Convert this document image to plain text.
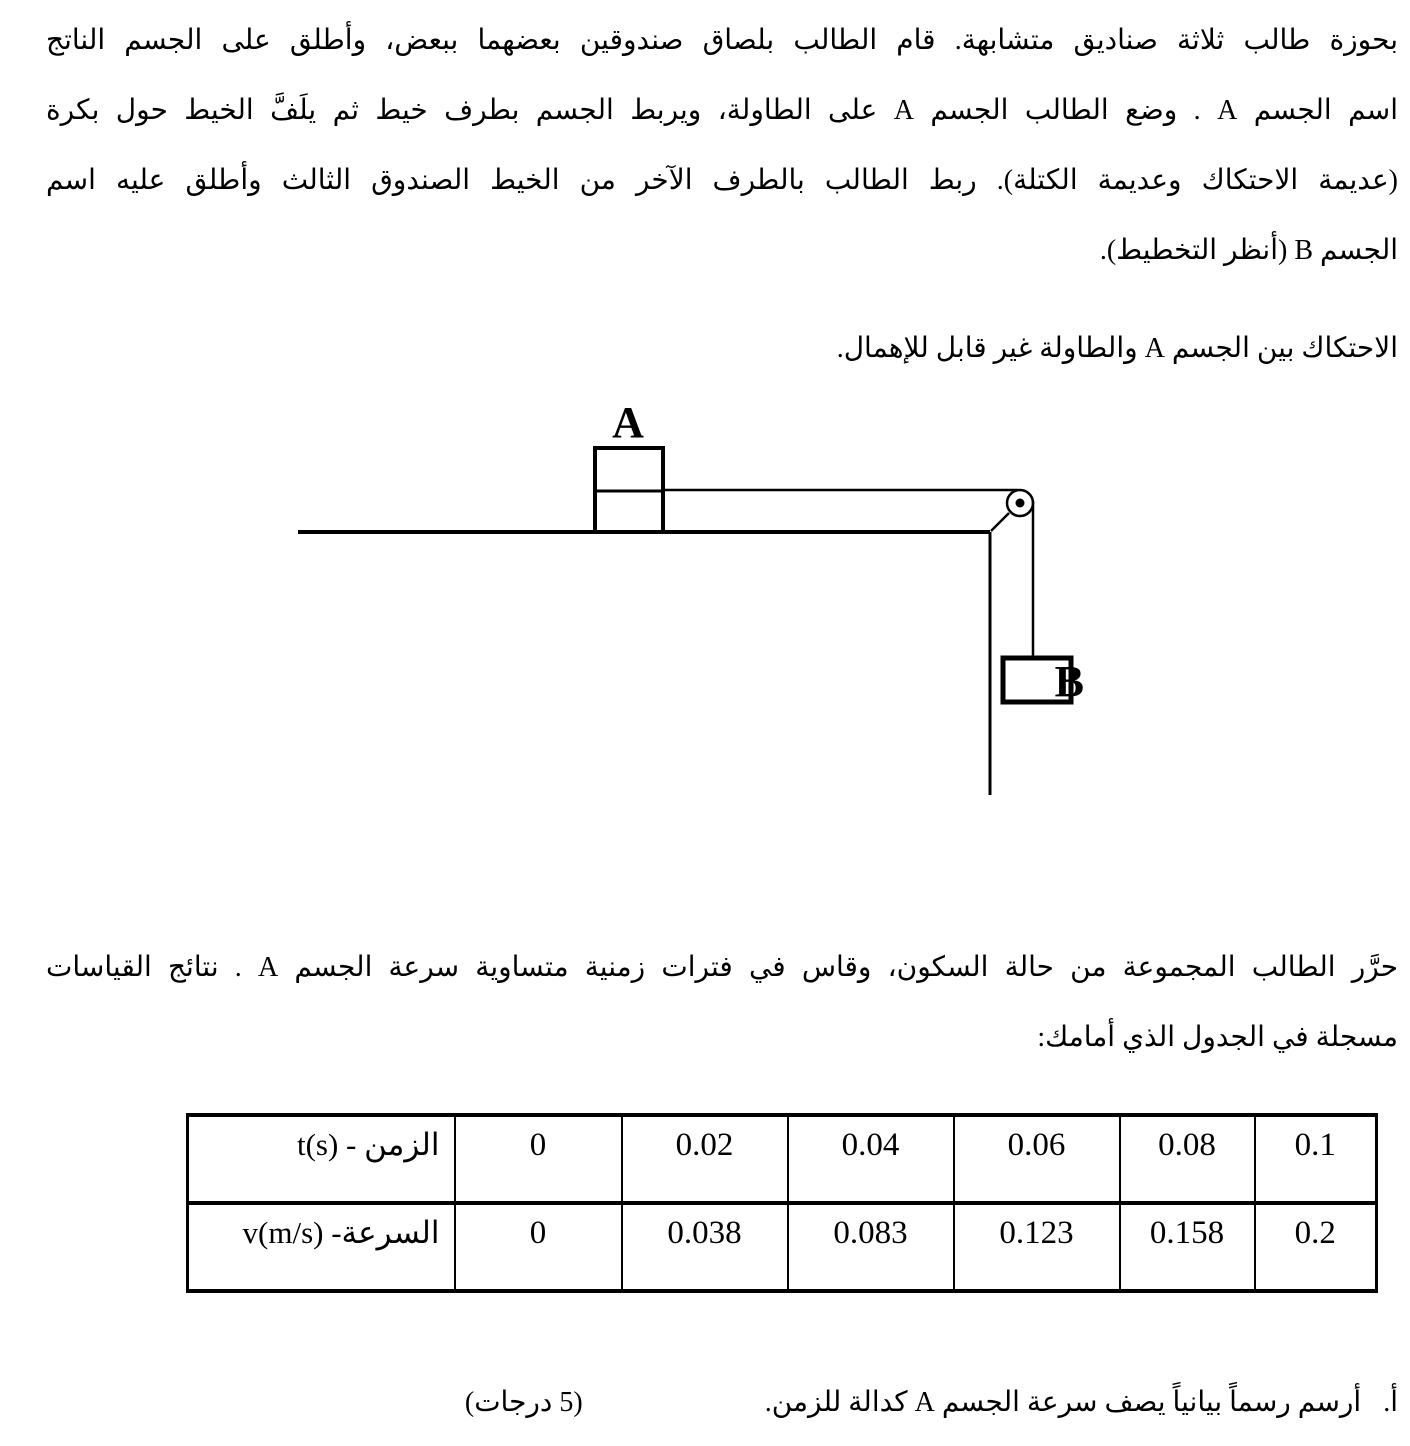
بحوزة طالب ثلاثة صناديق متشابهة. قام الطالب بلصاق صندوقين بعضهما ببعض، وأطلق على الجسم الناتج

اسم الجسم A . وضع الطالب الجسم A على الطاولة، ويربط الجسم بطرف خيط ثم يلَفَّ الخيط حول بكرة

(عديمة الاحتكاك وعديمة الكتلة). ربط الطالب بالطرف الآخر من الخيط الصندوق الثالث وأطلق عليه اسم

الجسم B (أنظر التخطيط).

الاحتكاك بين الجسم A والطاولة غير قابل للإهمال.

A
B

حرَّر الطالب المجموعة من حالة السكون، وقاس في فترات زمنية متساوية سرعة الجسم A . نتائج القياسات

مسجلة في الجدول الذي أمامك:

الزمن - t(s)	0	0.02	0.04	0.06	0.08	0.1
السرعة- v(m/s)	0	0.038	0.083	0.123	0.158	0.2
أ.
أرسم رسماً بيانياً يصف سرعة الجسم A كدالة للزمن.
(5 درجات)
